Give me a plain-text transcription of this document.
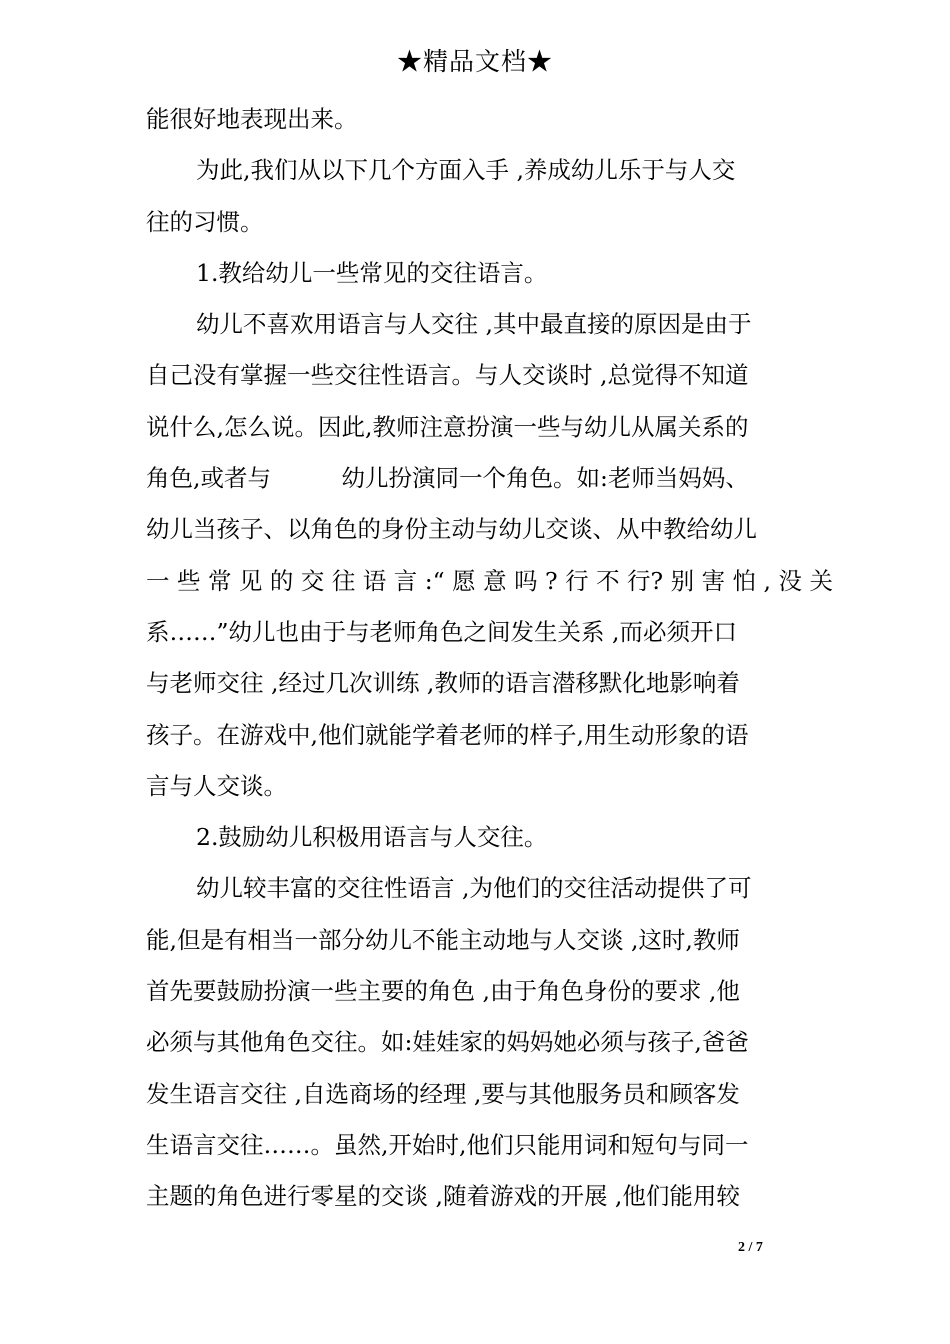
★精品文档★
能很好地表现出来。
为此,我们从以下几个方面入手 ,养成幼儿乐于与人交
往的习惯。
1.教给幼儿一些常见的交往语言。
幼儿不喜欢用语言与人交往 ,其中最直接的原因是由于
自己没有掌握一些交往性语言。与人交谈时 ,总觉得不知道
说什么,怎么说。因此,教师注意扮演一些与幼儿从属关系的
角色,或者与　　　幼儿扮演同一个角色。如:老师当妈妈、
幼儿当孩子、以角色的身份主动与幼儿交谈、从中教给幼儿
一 些 常 见 的 交 往 语 言 :“ 愿 意 吗 ? 行 不 行? 别 害 怕 , 没 关
系……”幼儿也由于与老师角色之间发生关系 ,而必须开口
与老师交往 ,经过几次训练 ,教师的语言潜移默化地影响着
孩子。在游戏中,他们就能学着老师的样子,用生动形象的语
言与人交谈。
2.鼓励幼儿积极用语言与人交往。
幼儿较丰富的交往性语言 ,为他们的交往活动提供了可
能,但是有相当一部分幼儿不能主动地与人交谈 ,这时,教师
首先要鼓励扮演一些主要的角色 ,由于角色身份的要求 ,他
必须与其他角色交往。如:娃娃家的妈妈她必须与孩子,爸爸
发生语言交往 ,自选商场的经理 ,要与其他服务员和顾客发
生语言交往……。虽然,开始时,他们只能用词和短句与同一
主题的角色进行零星的交谈 ,随着游戏的开展 ,他们能用较
2 / 7
